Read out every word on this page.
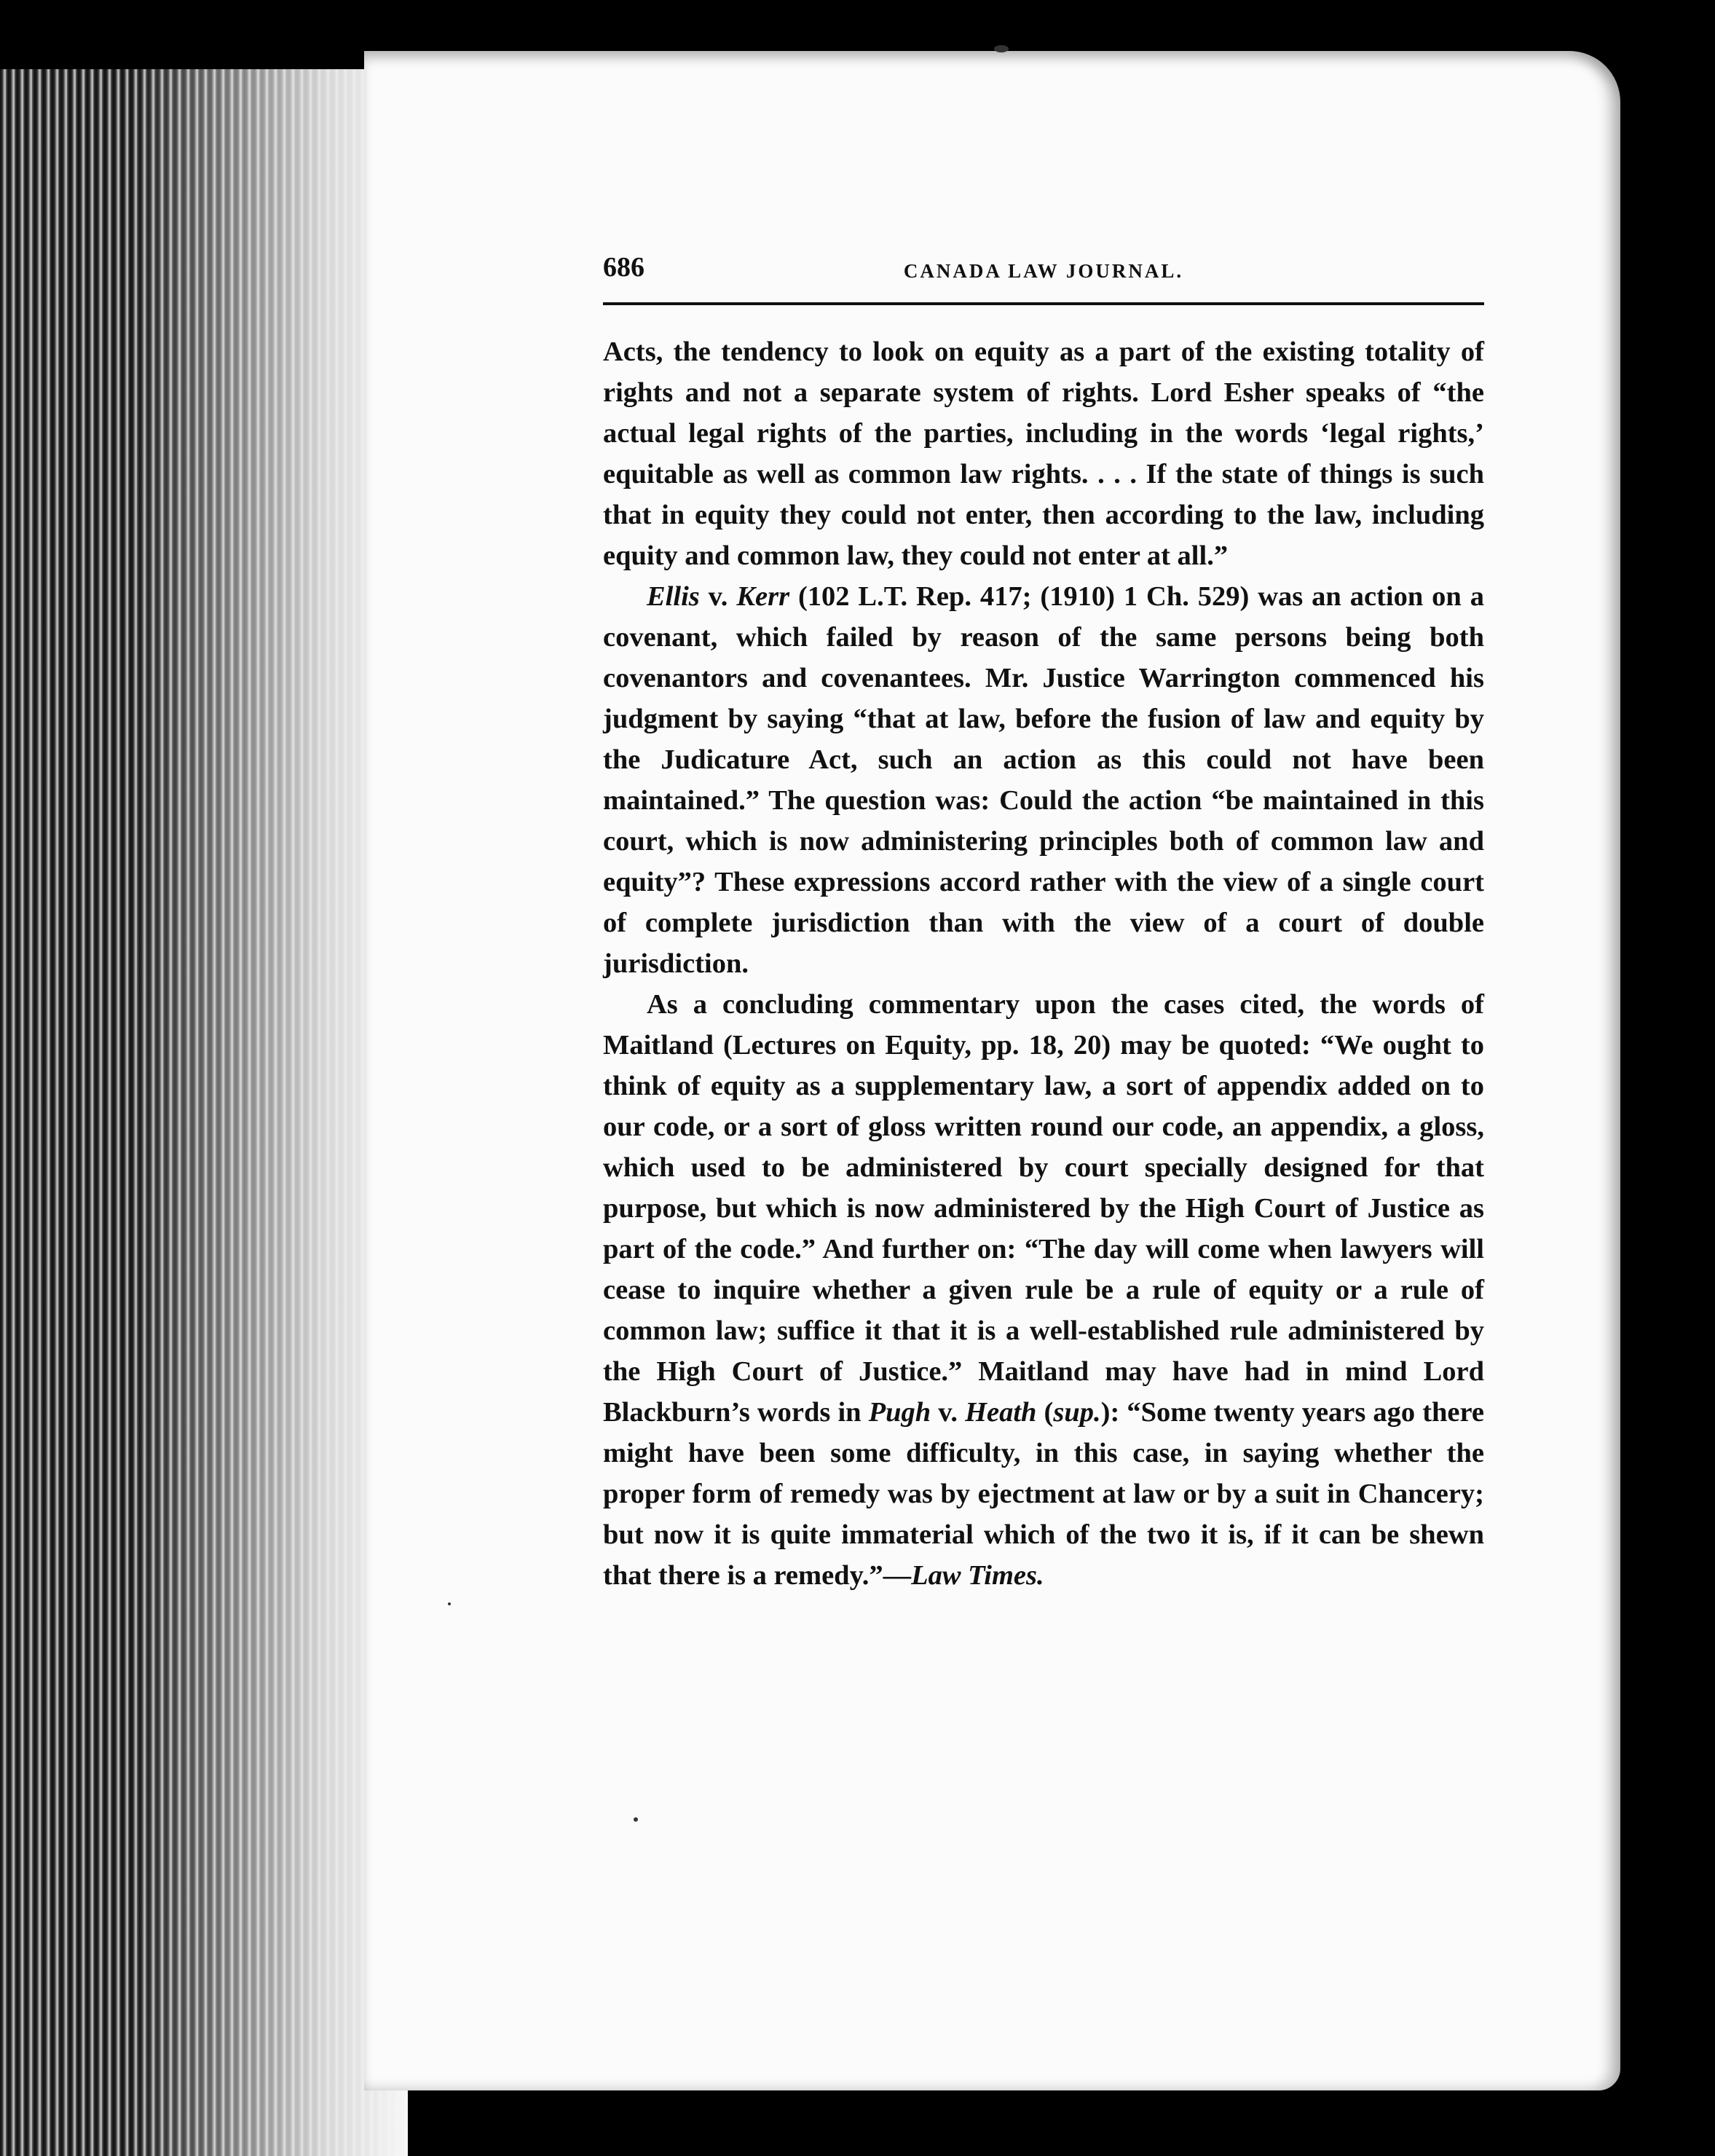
686	CANADA LAW JOURNAL.

Acts, the tendency to look on equity as a part of the existing totality of rights and not a separate system of rights. Lord Esher speaks of “the actual legal rights of the parties, including in the words ‘legal rights,’ equitable as well as common law rights. . . . If the state of things is such that in equity they could not enter, then according to the law, including equity and common law, they could not enter at all.”

Ellis v. Kerr (102 L.T. Rep. 417; (1910) 1 Ch. 529) was an action on a covenant, which failed by reason of the same persons being both covenantors and covenantees. Mr. Justice Warrington commenced his judgment by saying “that at law, before the fusion of law and equity by the Judicature Act, such an action as this could not have been maintained.” The question was: Could the action “be maintained in this court, which is now administering principles both of common law and equity”? These expressions accord rather with the view of a single court of complete jurisdiction than with the view of a court of double jurisdiction.

As a concluding commentary upon the cases cited, the words of Maitland (Lectures on Equity, pp. 18, 20) may be quoted: “We ought to think of equity as a supplementary law, a sort of appendix added on to our code, or a sort of gloss written round our code, an appendix, a gloss, which used to be administered by court specially designed for that purpose, but which is now administered by the High Court of Justice as part of the code.” And further on: “The day will come when lawyers will cease to inquire whether a given rule be a rule of equity or a rule of common law; suffice it that it is a well-established rule administered by the High Court of Justice.” Maitland may have had in mind Lord Blackburn’s words in Pugh v. Heath (sup.): “Some twenty years ago there might have been some difficulty, in this case, in saying whether the proper form of remedy was by ejectment at law or by a suit in Chancery; but now it is quite immaterial which of the two it is, if it can be shewn that there is a remedy.”—Law Times.
